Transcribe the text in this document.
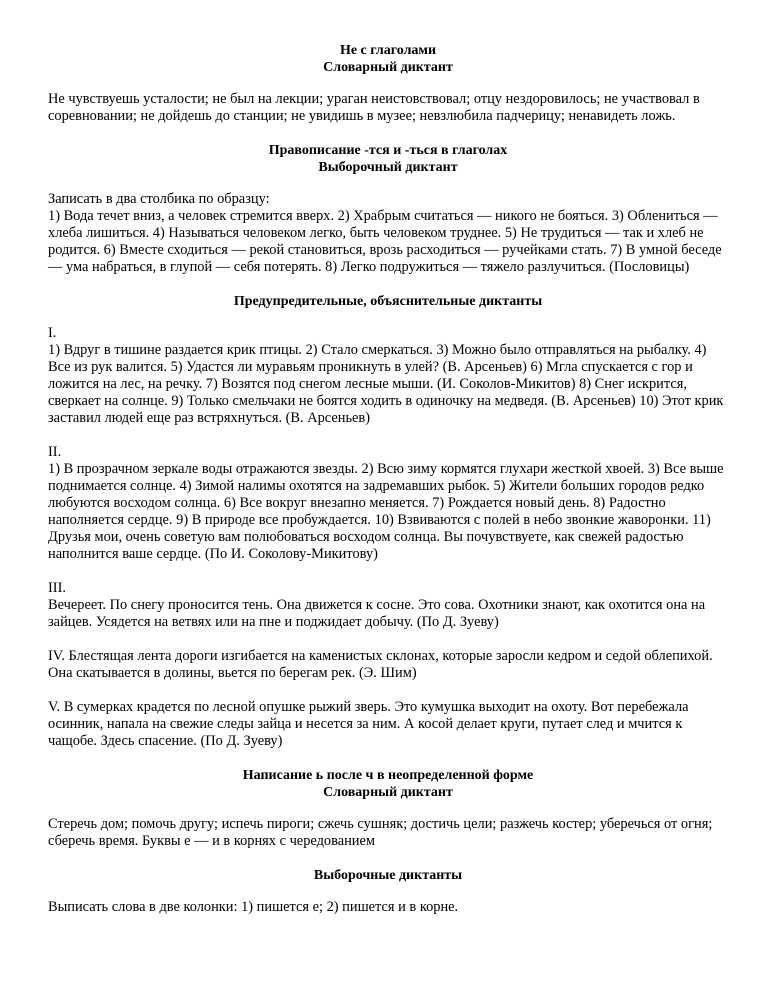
Не с глаголами
Словарный диктант

Не чувствуешь усталости; не был на лекции; ураган неистовствовал; отцу нездоровилось; не участвовал в соревновании; не дойдешь до станции; не увидишь в музее; невзлюбила падчерицу; ненавидеть ложь.

Правописание -тся и -ться в глаголах
Выборочный диктант

Записать в два столбика по образцу:
1) Вода течет вниз, а человек стремится вверх. 2) Храбрым считаться — никого не бояться. 3) Облениться — хлеба лишиться. 4) Называться человеком легко, быть человеком труднее. 5) Не трудиться — так и хлеб не родится. 6) Вместе сходиться — рекой становиться, врозь расходиться — ручейками стать. 7) В умной беседе — ума набраться, в глупой — себя потерять. 8) Легко подружиться — тяжело разлучиться. (Пословицы)

Предупредительные, объяснительные диктанты

I.
1) Вдруг в тишине раздается крик птицы. 2) Стало смеркаться. 3) Можно было отправляться на рыбалку. 4) Все из рук валится. 5) Удастся ли муравьям проникнуть в улей? (В. Арсеньев) 6) Мгла спускается с гор и ложится на лес, на речку. 7) Возятся под снегом лесные мыши. (И. Соколов-Микитов) 8) Снег искрится, сверкает на солнце. 9) Только смельчаки не боятся ходить в одиночку на медведя. (В. Арсеньев) 10) Этот крик заставил людей еще раз встряхнуться. (В. Арсеньев)

II.
1) В прозрачном зеркале воды отражаются звезды. 2) Всю зиму кормятся глухари жесткой хвоей. 3) Все выше поднимается солнце. 4) Зимой налимы охотятся на задремавших рыбок. 5) Жители больших городов редко любуются восходом солнца. 6) Все вокруг внезапно меняется. 7) Рождается новый день. 8) Радостно наполняется сердце. 9) В природе все пробуждается. 10) Взвиваются с полей в небо звонкие жаворонки. 11) Друзья мои, очень советую вам полюбоваться восходом солнца. Вы почувствуете, как свежей радостью наполнится ваше сердце. (По И. Соколову-Микитову)

III.
Вечереет. По снегу проносится тень. Она движется к сосне. Это сова. Охотники знают, как охотится она на зайцев. Усядется на ветвях или на пне и поджидает добычу. (По Д. Зуеву)

IV. Блестящая лента дороги изгибается на каменистых склонах, которые заросли кедром и седой облепихой. Она скатывается в долины, вьется по берегам рек. (Э. Шим)

V. В сумерках крадется по лесной опушке рыжий зверь. Это кумушка выходит на охоту. Вот перебежала осинник, напала на свежие следы зайца и несется за ним. А косой делает круги, путает след и мчится к чащобе. Здесь спасение. (По Д. Зуеву)

Написание ь после ч в неопределенной форме
Словарный диктант

Стеречь дом; помочь другу; испечь пироги; сжечь сушняк; достичь цели; разжечь костер; уберечься от огня; сберечь время. Буквы е — и в корнях с чередованием

Выборочные диктанты

Выписать слова в две колонки: 1) пишется е; 2) пишется и в корне.
